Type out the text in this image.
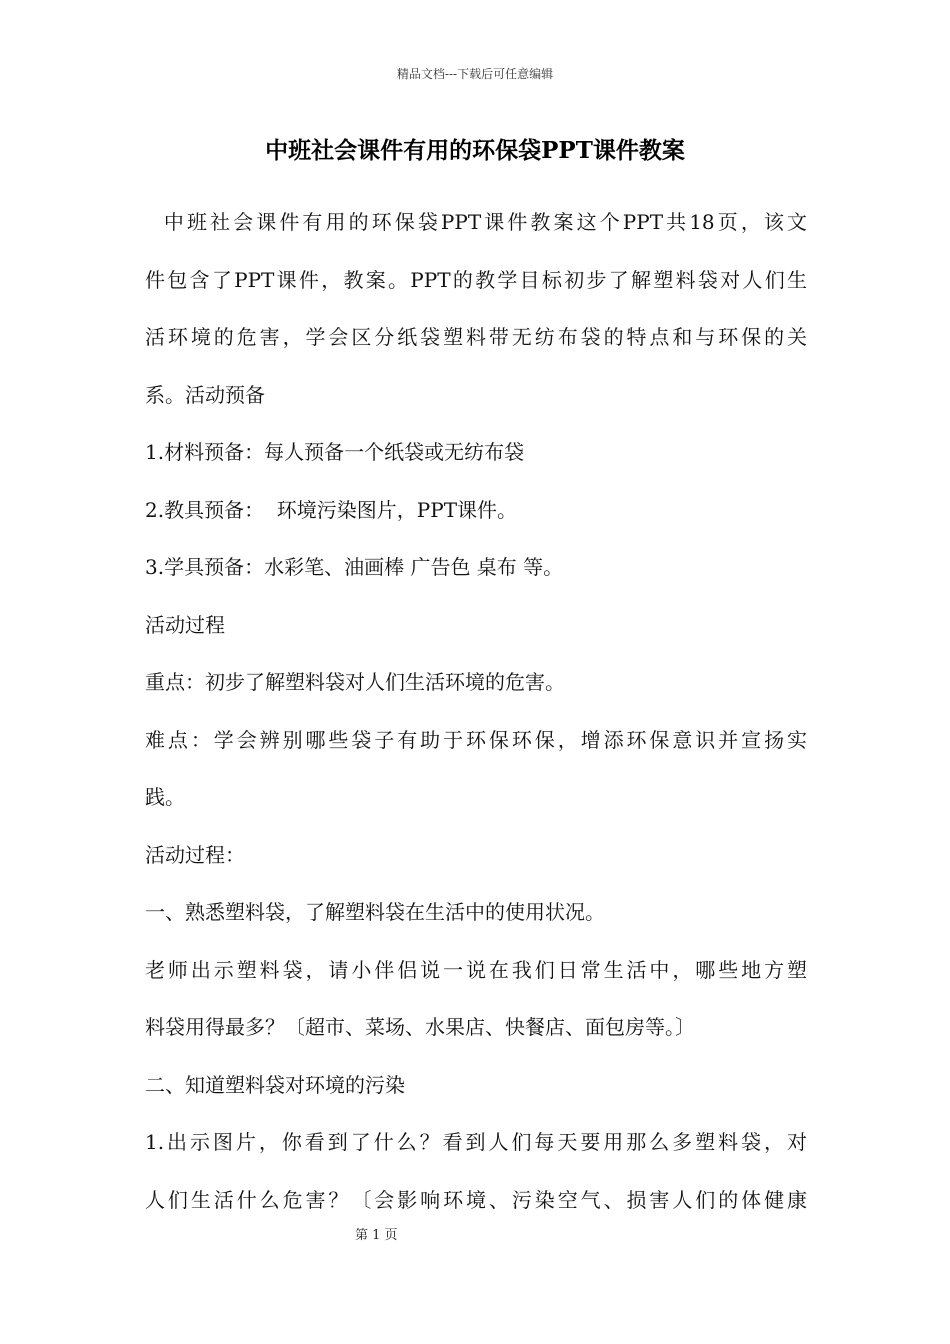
精品文档---下载后可任意编辑
中班社会课件有用的环保袋PPT课件教案
中班社会课件有用的环保袋PPT课件教案这个PPT共18页，该文
件包含了PPT课件，教案。PPT的教学目标初步了解塑料袋对人们生
活环境的危害，学会区分纸袋塑料带无纺布袋的特点和与环保的关
系。活动预备
1.材料预备：每人预备一个纸袋或无纺布袋
2.教具预备：  环境污染图片，PPT课件。
3.学具预备：水彩笔、油画棒 广告色 桌布 等。
活动过程
重点：初步了解塑料袋对人们生活环境的危害。
难点：学会辨别哪些袋子有助于环保环保，增添环保意识并宣扬实
践。
活动过程：
一、熟悉塑料袋，了解塑料袋在生活中的使用状况。
老师出示塑料袋，请小伴侣说一说在我们日常生活中，哪些地方塑
料袋用得最多？〔超市、菜场、水果店、快餐店、面包房等。〕
二、知道塑料袋对环境的污染
1.出示图片，你看到了什么？看到人们每天要用那么多塑料袋，对
人们生活什么危害？〔会影响环境、污染空气、损害人们的体健康
第 1 页
